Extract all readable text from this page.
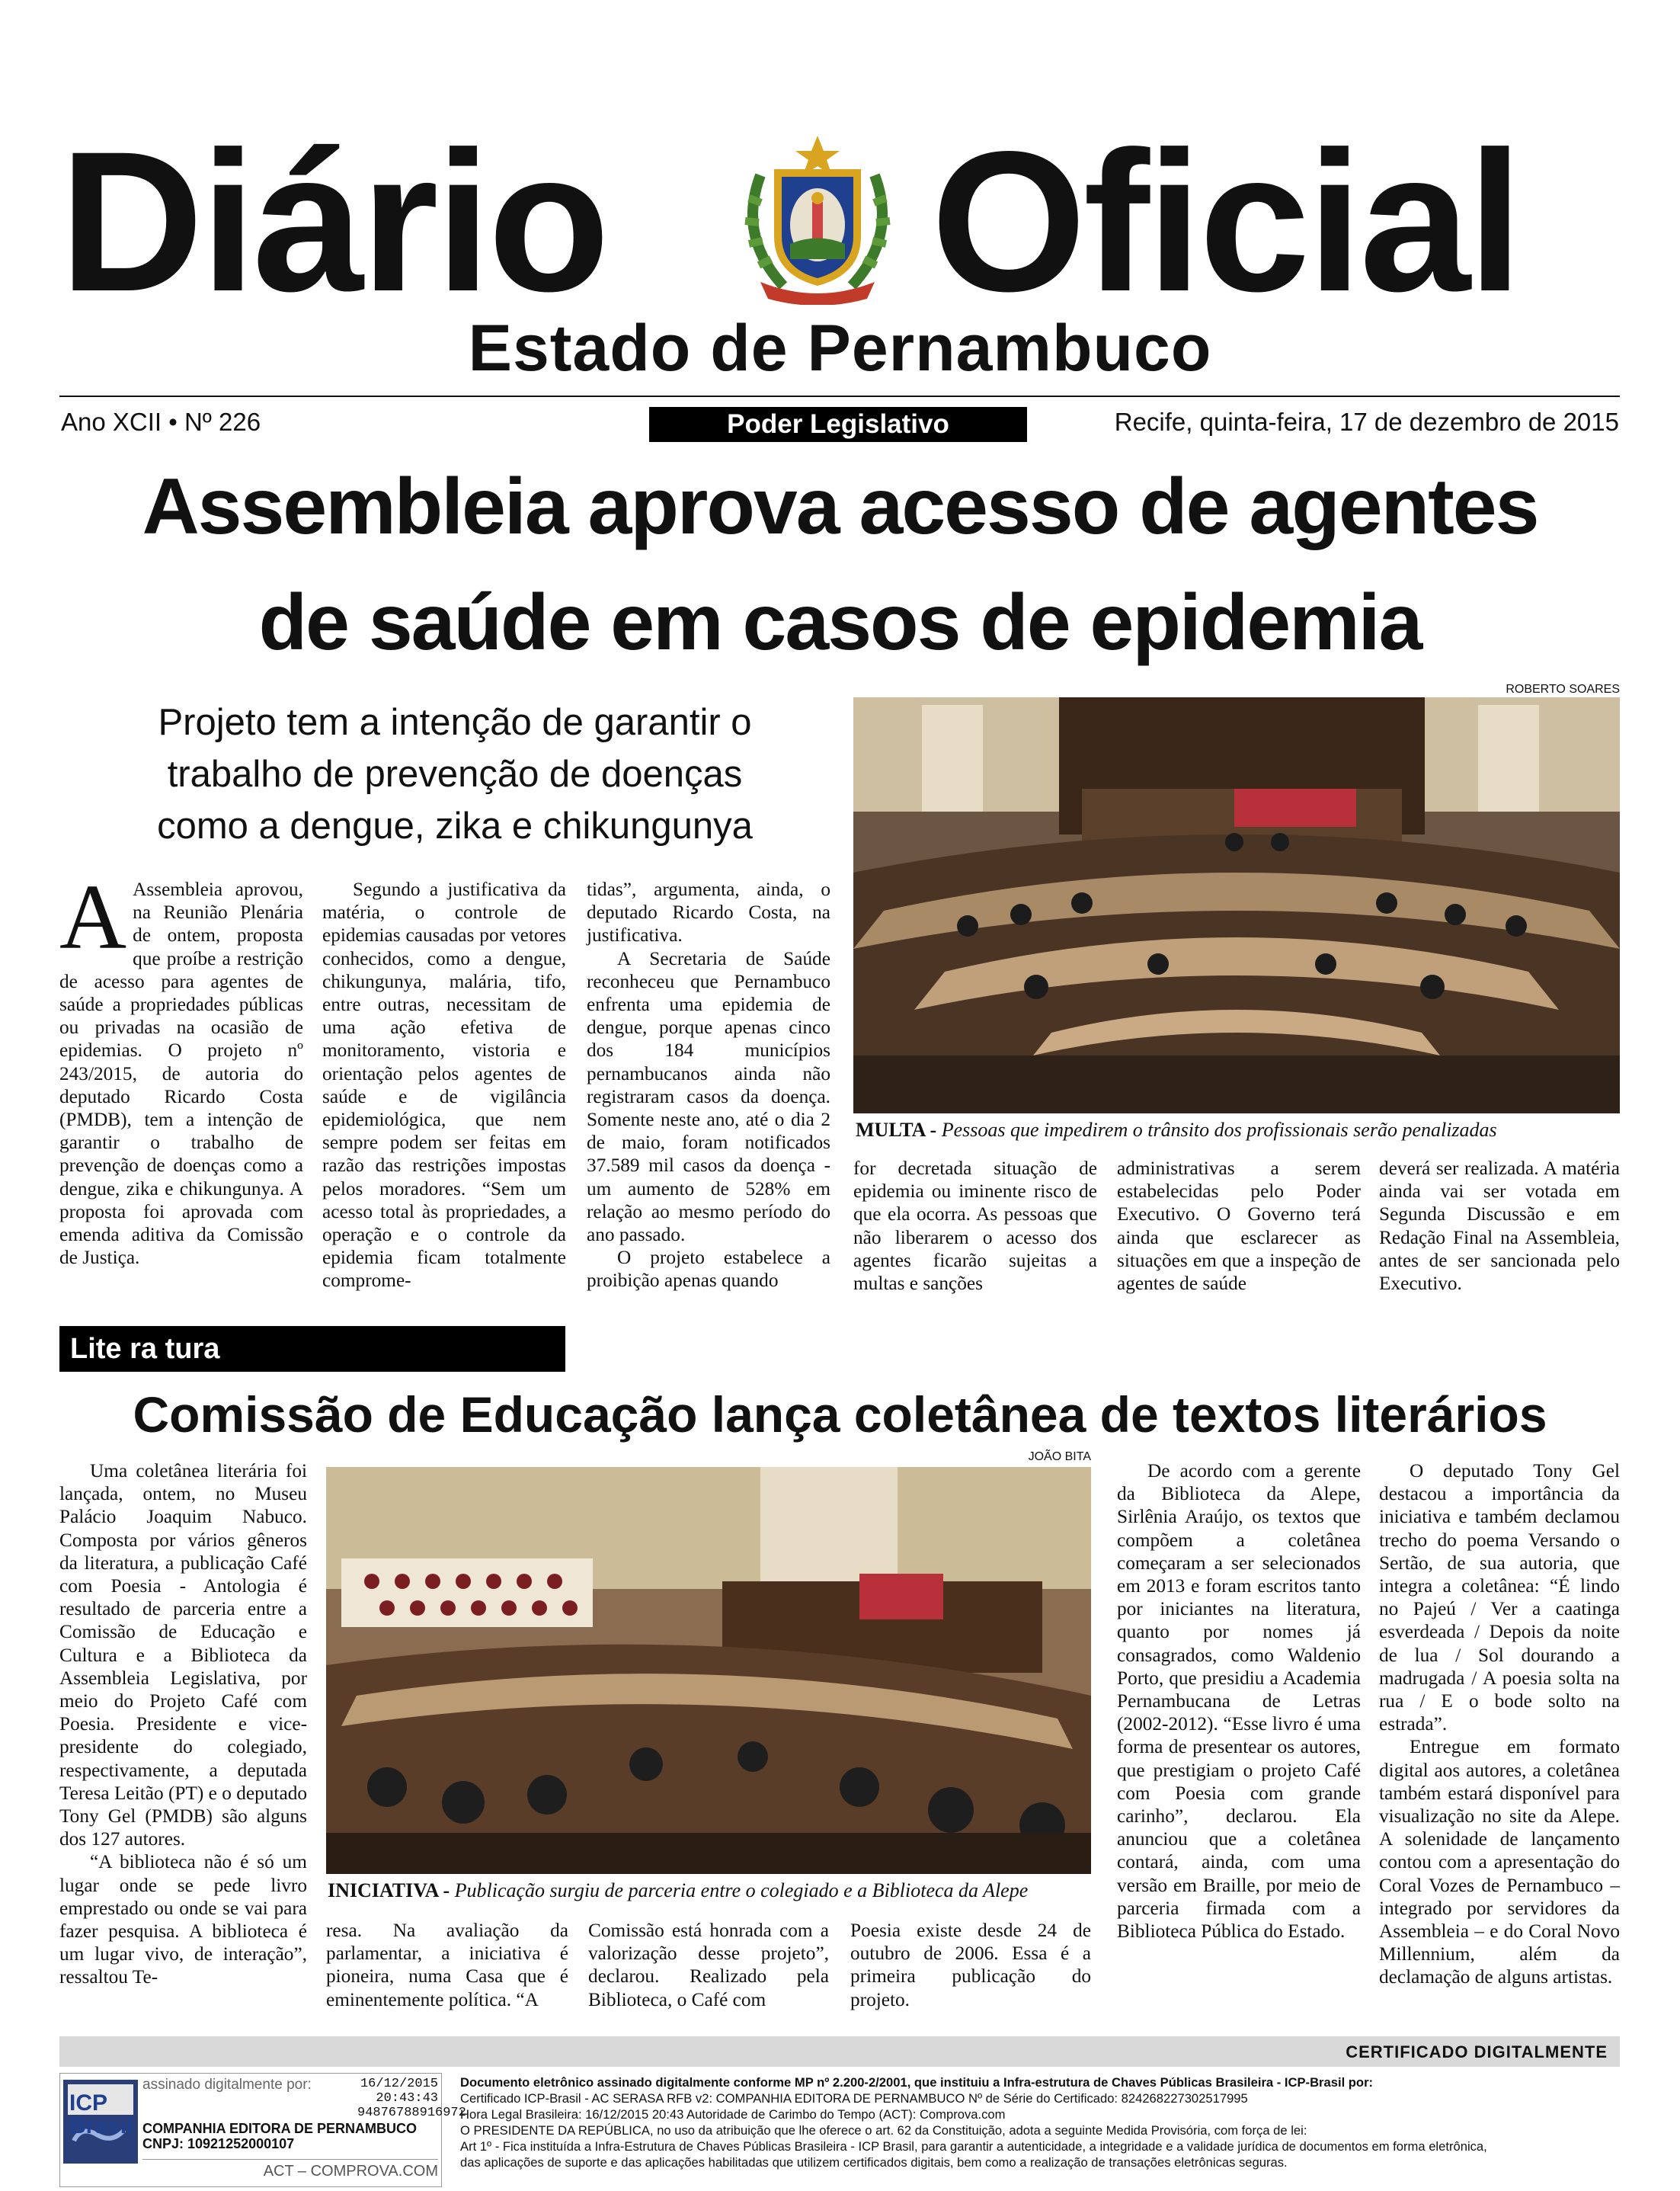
Diário Oficial
Estado de Pernambuco
Ano XCII • Nº 226	Poder Legislativo	Recife, quinta-feira, 17 de dezembro de 2015
Assembleia aprova acesso de agentes
de saúde em casos de epidemia
Projeto tem a intenção de garantir o
trabalho de prevenção de doenças
como a dengue, zika e chikungunya
ROBERTO SOARES
MULTA - Pessoas que impedirem o trânsito dos profissionais serão penalizadas
A Assembleia aprovou, na Reunião Plenária de ontem, proposta que proíbe a restrição de acesso para agentes de saúde a propriedades públicas ou privadas na ocasião de epidemias. O projeto nº 243/2015, de autoria do deputado Ricardo Costa (PMDB), tem a intenção de garantir o trabalho de prevenção de doenças como a dengue, zika e chikungunya. A proposta foi aprovada com emenda aditiva da Comissão de Justiça.

Segundo a justificativa da matéria, o controle de epidemias causadas por vetores conhecidos, como a dengue, chikungunya, malária, tifo, entre outras, necessitam de uma ação efetiva de monitoramento, vistoria e orientação pelos agentes de saúde e de vigilância epidemiológica, que nem sempre podem ser feitas em razão das restrições impostas pelos moradores. “Sem um acesso total às propriedades, a operação e o controle da epidemia ficam totalmente comprome-

tidas”, argumenta, ainda, o deputado Ricardo Costa, na justificativa.

A Secretaria de Saúde reconheceu que Pernambuco enfrenta uma epidemia de dengue, porque apenas cinco dos 184 municípios pernambucanos ainda não registraram casos da doença. Somente neste ano, até o dia 2 de maio, foram notificados 37.589 mil casos da doença - um aumento de 528% em relação ao mesmo período do ano passado.

O projeto estabelece a proibição apenas quando

for decretada situação de epidemia ou iminente risco de que ela ocorra. As pessoas que não liberarem o acesso dos agentes ficarão sujeitas a multas e sanções

administrativas a serem estabelecidas pelo Poder Executivo. O Governo terá ainda que esclarecer as situações em que a inspeção de agentes de saúde

deverá ser realizada. A matéria ainda vai ser votada em Segunda Discussão e em Redação Final na Assembleia, antes de ser sancionada pelo Executivo.

Lite ra tura
Comissão de Educação lança coletânea de textos literários

Uma coletânea literária foi lançada, ontem, no Museu Palácio Joaquim Nabuco. Composta por vários gêneros da literatura, a publicação Café com Poesia - Antologia é resultado de parceria entre a Comissão de Educação e Cultura e a Biblioteca da Assembleia Legislativa, por meio do Projeto Café com Poesia. Presidente e vice-presidente do colegiado, respectivamente, a deputada Teresa Leitão (PT) e o deputado Tony Gel (PMDB) são alguns dos 127 autores.

“A biblioteca não é só um lugar onde se pede livro emprestado ou onde se vai para fazer pesquisa. A biblioteca é um lugar vivo, de interação”, ressaltou Te-

JOÃO BITA
INICIATIVA - Publicação surgiu de parceria entre o colegiado e a Biblioteca da Alepe

resa. Na avaliação da parlamentar, a iniciativa é pioneira, numa Casa que é eminentemente política. “A

Comissão está honrada com a valorização desse projeto”, declarou. Realizado pela Biblioteca, o Café com

Poesia existe desde 24 de outubro de 2006. Essa é a primeira publicação do projeto.

De acordo com a gerente da Biblioteca da Alepe, Sirlênia Araújo, os textos que compõem a coletânea começaram a ser selecionados em 2013 e foram escritos tanto por iniciantes na literatura, quanto por nomes já consagrados, como Waldenio Porto, que presidiu a Academia Pernambucana de Letras (2002-2012). “Esse livro é uma forma de presentear os autores, que prestigiam o projeto Café com Poesia com grande carinho”, declarou. Ela anunciou que a coletânea contará, ainda, com uma versão em Braille, por meio de parceria firmada com a Biblioteca Pública do Estado.

O deputado Tony Gel destacou a importância da iniciativa e também declamou trecho do poema Versando o Sertão, de sua autoria, que integra a coletânea: “É lindo no Pajeú / Ver a caatinga esverdeada / Depois da noite de lua / Sol dourando a madrugada / A poesia solta na rua / E o bode solto na estrada”.

Entregue em formato digital aos autores, a coletânea também estará disponível para visualização no site da Alepe. A solenidade de lançamento contou com a apresentação do Coral Vozes de Pernambuco – integrado por servidores da Assembleia – e do Coral Novo Millennium, além da declamação de alguns artistas.

CERTIFICADO DIGITALMENTE
ICP Brasil
assinado digitalmente por:	16/12/2015
20:43:43
94876788916972
COMPANHIA EDITORA DE PERNAMBUCO
CNPJ: 10921252000107
ACT – COMPROVA.COM
Documento eletrônico assinado digitalmente conforme MP nº 2.200-2/2001, que instituiu a Infra-estrutura de Chaves Públicas Brasileira - ICP-Brasil por:
Certificado ICP-Brasil - AC SERASA RFB v2: COMPANHIA EDITORA DE PERNAMBUCO Nº de Série do Certificado: 824268227302517995
Hora Legal Brasileira: 16/12/2015 20:43 Autoridade de Carimbo do Tempo (ACT): Comprova.com
O PRESIDENTE DA REPÚBLICA, no uso da atribuição que lhe oferece o art. 62 da Constituição, adota a seguinte Medida Provisória, com força de lei:
Art 1º - Fica instituída a Infra-Estrutura de Chaves Públicas Brasileira - ICP Brasil, para garantir a autenticidade, a integridade e a validade jurídica de documentos em forma eletrônica,
das aplicações de suporte e das aplicações habilitadas que utilizem certificados digitais, bem como a realização de transações eletrônicas seguras.
